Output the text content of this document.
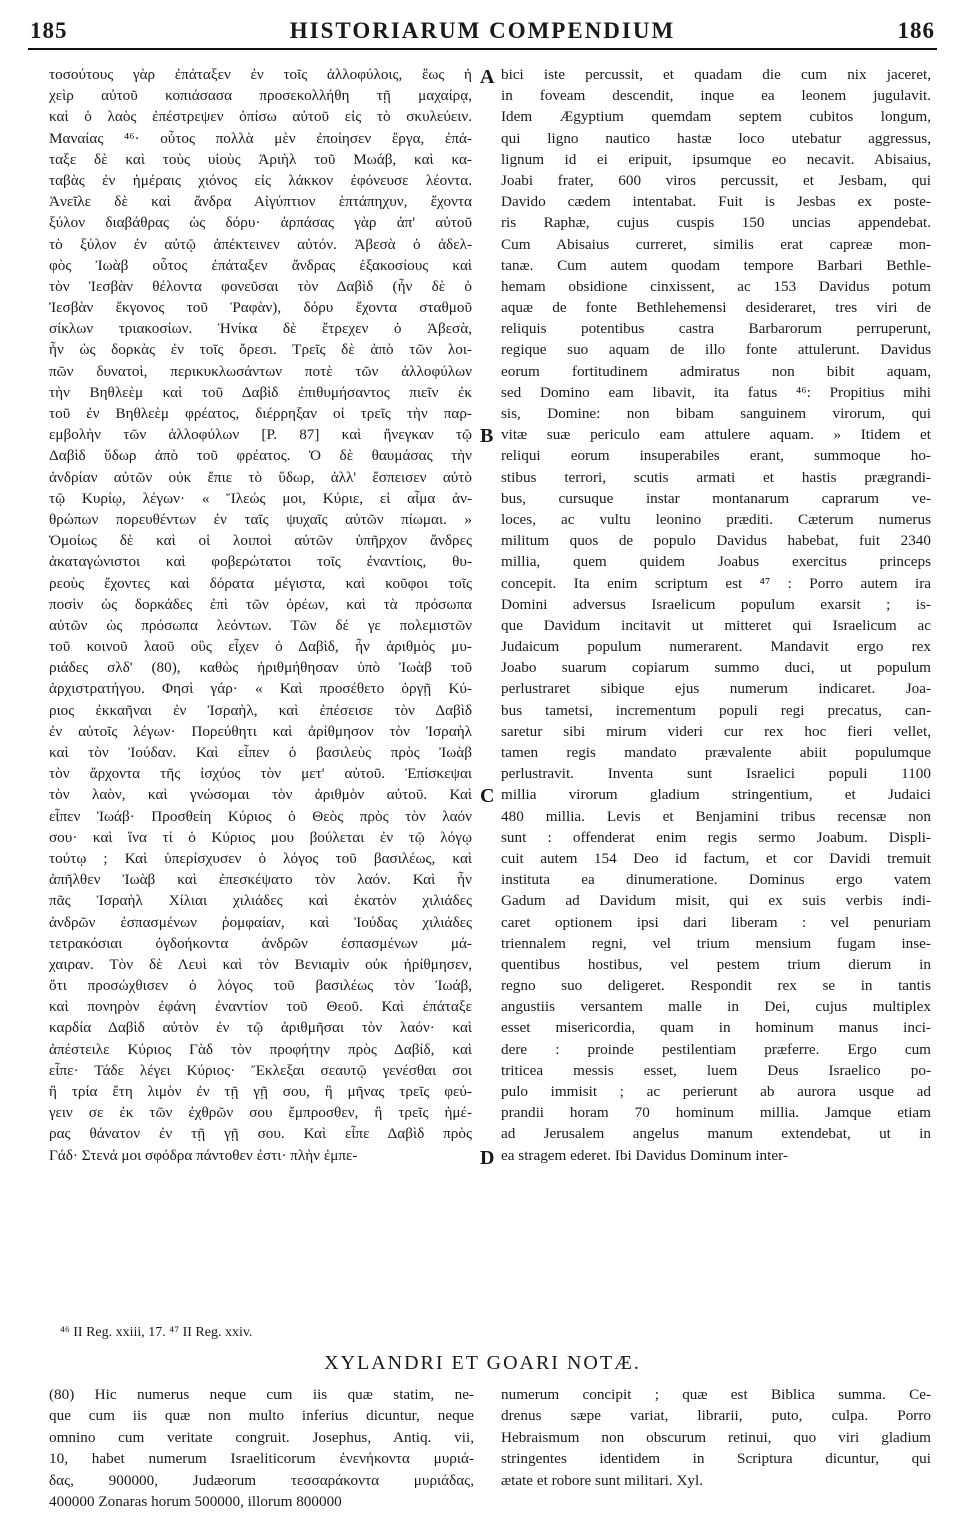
185	HISTORIARUM COMPENDIUM	186
τοσούτους γὰρ ἐπάταξεν ἐν τοῖς ἀλλοφύλοις, ἕως ἡ
χεὶρ αὐτοῦ κοπιάσασα προσεκολλήθη τῇ μαχαίρᾳ,
καὶ ὁ λαὸς ἐπέστρεψεν ὀπίσω αὐτοῦ εἰς τὸ σκυλεύειν.
Μαναίας ⁴⁶· οὗτος πολλὰ μὲν ἐποίησεν ἔργα, ἐπά-
ταξε δὲ καὶ τοὺς υἱοὺς Ἀριὴλ τοῦ Μωάβ, καὶ κα-
ταβὰς ἐν ἡμέραις χιόνος εἰς λάκκον ἐφόνευσε λέοντα.
Ἀνεῖλε δὲ καὶ ἄνδρα Αἰγύπτιον ἑπτάπηχυν, ἔχοντα
ξύλον διαβάθρας ὡς δόρυ· ἁρπάσας γὰρ ἀπ' αὐτοῦ
τὸ ξύλον ἐν αὐτῷ ἀπέκτεινεν αὐτόν. Ἀβεσὰ ὁ ἀδελ-
φὸς Ἰωὰβ οὗτος ἐπάταξεν ἄνδρας ἑξακοσίους καὶ
τὸν Ἰεσβὰν θέλοντα φονεῦσαι τὸν Δαβὶδ (ἦν δὲ ὁ
Ἰεσβὰν ἔκγονος τοῦ Ῥαφὰν), δόρυ ἔχοντα σταθμοῦ
σίκλων τριακοσίων. Ἡνίκα δὲ ἔτρεχεν ὁ Ἀβεσὰ,
ἦν ὡς δορκὰς ἐν τοῖς ὄρεσι. Τρεῖς δὲ ἀπὸ τῶν λοι-
πῶν δυνατοὶ, περικυκλωσάντων ποτὲ τῶν ἀλλοφύλων
τὴν Βηθλεὲμ καὶ τοῦ Δαβὶδ ἐπιθυμήσαντος πιεῖν ἐκ
τοῦ ἐν Βηθλεὲμ φρέατος, διέρρηξαν οἱ τρεῖς τὴν παρ-
εμβολὴν τῶν ἀλλοφύλων [P. 87] καὶ ἤνεγκαν τῷ
Δαβὶδ ὕδωρ ἀπὸ τοῦ φρέατος. Ὁ δὲ θαυμάσας τὴν
ἀνδρίαν αὐτῶν οὐκ ἔπιε τὸ ὕδωρ, ἀλλ' ἔσπεισεν αὐτὸ
τῷ Κυρίῳ, λέγων· « Ἵλεώς μοι, Κύριε, εἰ αἷμα ἀν-
θρώπων πορευθέντων ἐν ταῖς ψυχαῖς αὐτῶν πίωμαι. »
Ὁμοίως δὲ καὶ οἱ λοιποὶ αὐτῶν ὑπῆρχον ἄνδρες
ἀκαταγώνιστοι καὶ φοβερώτατοι τοῖς ἐναντίοις, θυ-
ρεοὺς ἔχοντες καὶ δόρατα μέγιστα, καὶ κοῦφοι τοῖς
ποσὶν ὡς δορκάδες ἐπὶ τῶν ὀρέων, καὶ τὰ πρόσωπα
αὐτῶν ὡς πρόσωπα λεόντων. Τῶν δέ γε πολεμιστῶν
τοῦ κοινοῦ λαοῦ οὓς εἶχεν ὁ Δαβὶδ, ἦν ἀριθμὸς μυ-
ριάδες σλδ' (80), καθὼς ἠριθμήθησαν ὑπὸ Ἰωὰβ τοῦ
ἀρχιστρατήγου. Φησὶ γάρ· « Καὶ προσέθετο ὀργῇ Κύ-
ριος ἐκκαῆναι ἐν Ἰσραὴλ, καὶ ἐπέσεισε τὸν Δαβὶδ
ἐν αὐτοῖς λέγων· Πορεύθητι καὶ ἀρίθμησον τὸν Ἰσραὴλ
καὶ τὸν Ἰούδαν. Καὶ εἶπεν ὁ βασιλεὺς πρὸς Ἰωὰβ
τὸν ἄρχοντα τῆς ἰσχύος τὸν μετ' αὐτοῦ. Ἐπίσκεψαι
τὸν λαὸν, καὶ γνώσομαι τὸν ἀριθμὸν αὐτοῦ. Καὶ
εἶπεν Ἰωάβ· Προσθείη Κύριος ὁ Θεὸς πρὸς τὸν λαόν
σου· καὶ ἵνα τί ὁ Κύριος μου βούλεται ἐν τῷ λόγῳ
τούτῳ ; Καὶ ὑπερίσχυσεν ὁ λόγος τοῦ βασιλέως, καὶ
ἀπῆλθεν Ἰωὰβ καὶ ἐπεσκέψατο τὸν λαόν. Καὶ ἦν
πᾶς Ἰσραὴλ Χίλιαι χιλιάδες καὶ ἑκατὸν χιλιάδες
ἀνδρῶν ἐσπασμένων ῥομφαίαν, καὶ Ἰούδας χιλιάδες
τετρακόσιαι ὀγδοήκοντα ἀνδρῶν ἐσπασμένων μά-
χαιραν. Τὸν δὲ Λευὶ καὶ τὸν Βενιαμὶν οὐκ ἠρίθμησεν,
ὅτι προσώχθισεν ὁ λόγος τοῦ βασιλέως τὸν Ἰωάβ,
καὶ πονηρὸν ἐφάνη ἐναντίον τοῦ Θεοῦ. Καὶ ἐπάταξε
καρδία Δαβὶδ αὐτὸν ἐν τῷ ἀριθμῆσαι τὸν λαόν· καὶ
ἀπέστειλε Κύριος Γὰδ τὸν προφήτην πρὸς Δαβίδ, καὶ
εἶπε· Τάδε λέγει Κύριος· Ἔκλεξαι σεαυτῷ γενέσθαι σοι
ἢ τρία ἔτη λιμὸν ἐν τῇ γῇ σου, ἢ μῆνας τρεῖς φεύ-
γειν σε ἐκ τῶν ἐχθρῶν σου ἔμπροσθεν, ἢ τρεῖς ἡμέ-
ρας θάνατον ἐν τῇ γῇ σου. Καὶ εἶπε Δαβὶδ πρὸς
Γάδ· Στενά μοι σφόδρα πάντοθεν ἐστι· πλὴν ἐμπε-
bici iste percussit, et quadam die cum nix jaceret,
in foveam descendit, inque ea leonem jugulavit.
Idem Ægyptium quemdam septem cubitos longum,
qui ligno nautico hastæ loco utebatur aggressus,
lignum id ei eripuit, ipsumque eo necavit. Abisaius,
Joabi frater, 600 viros percussit, et Jesbam, qui
Davido cædem intentabat. Fuit is Jesbas ex poste-
ris Raphæ, cujus cuspis 150 uncias appendebat.
Cum Abisaius curreret, similis erat capreæ mon-
tanæ. Cum autem quodam tempore Barbari Bethle-
hemam obsidione cinxissent, ac 153 Davidus potum
aquæ de fonte Bethlehemensi desideraret, tres viri de
reliquis potentibus castra Barbarorum perruperunt,
regique suo aquam de illo fonte attulerunt. Davidus
eorum fortitudinem admiratus non bibit aquam,
sed Domino eam libavit, ita fatus ⁴⁶: Propitius mihi
sis, Domine: non bibam sanguinem virorum, qui
vitæ suæ periculo eam attulere aquam. » Itidem et
reliqui eorum insuperabiles erant, summoque ho-
stibus terrori, scutis armati et hastis prægrandi-
bus, cursuque instar montanarum caprarum ve-
loces, ac vultu leonino præditi. Cæterum numerus
militum quos de populo Davidus habebat, fuit 2340
millia, quem quidem Joabus exercitus princeps
concepit. Ita enim scriptum est ⁴⁷ : Porro autem ira
Domini adversus Israelicum populum exarsit ; is-
que Davidum incitavit ut mitteret qui Israelicum ac
Judaicum populum numerarent. Mandavit ergo rex
Joabo suarum copiarum summo duci, ut populum
perlustraret sibique ejus numerum indicaret. Joa-
bus tametsi, incrementum populi regi precatus, can-
saretur sibi mirum videri cur rex hoc fieri vellet,
tamen regis mandato prævalente abiit populumque
perlustravit. Inventa sunt Israelici populi 1100
millia virorum gladium stringentium, et Judaici
480 millia. Levis et Benjamini tribus recensæ non
sunt : offenderat enim regis sermo Joabum. Displi-
cuit autem 154 Deo id factum, et cor Davidi tremuit
instituta ea dinumeratione. Dominus ergo vatem
Gadum ad Davidum misit, qui ex suis verbis indi-
caret optionem ipsi dari liberam : vel penuriam
triennalem regni, vel trium mensium fugam inse-
quentibus hostibus, vel pestem trium dierum in
regno suo deligeret. Respondit rex se in tantis
angustiis versantem malle in Dei, cujus multiplex
esset misericordia, quam in hominum manus inci-
dere : proinde pestilentiam præferre. Ergo cum
triticea messis esset, luem Deus Israelico po-
pulo immisit ; ac perierunt ab aurora usque ad
prandii horam 70 hominum millia. Jamque etiam
ad Jerusalem angelus manum extendebat, ut in
ea stragem ederet. Ibi Davidus Dominum inter-
A
B
C
D
⁴⁶ II Reg. xxiii, 17. ⁴⁷ II Reg. xxiv.
XYLANDRI ET GOARI NOTÆ.
(80) Hic numerus neque cum iis quæ statim, ne-
que cum iis quæ non multo inferius dicuntur, neque
omnino cum veritate congruit. Josephus, Antiq. vii,
10, habet numerum Israeliticorum ἐνενήκοντα μυριά-
δας, 900000, Judæorum τεσσαράκοντα μυριάδας,
400000 Zonaras horum 500000, illorum 800000
numerum concipit ; quæ est Biblica summa. Ce-
drenus sæpe variat, librarii, puto, culpa. Porro
Hebraismum non obscurum retinui, quo viri gladium
stringentes identidem in Scriptura dicuntur, qui
ætate et robore sunt militari. Xyl.
